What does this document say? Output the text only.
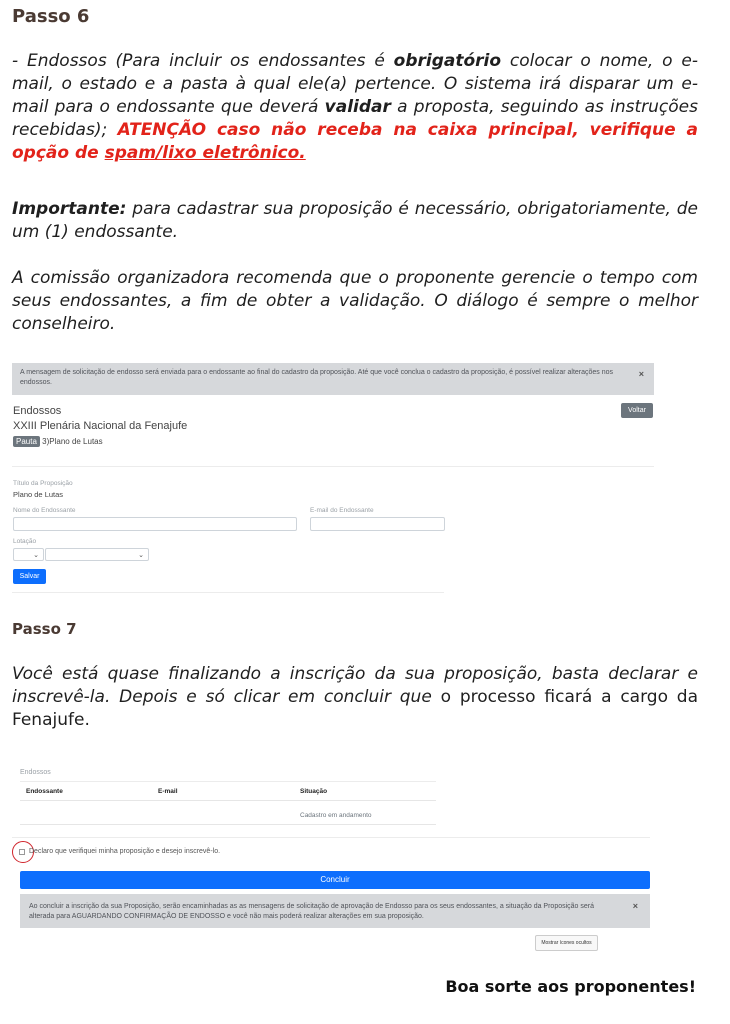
Passo 6

- Endossos (Para incluir os endossantes é obrigatório colocar o nome, o e-mail, o estado e a pasta à qual ele(a) pertence. O sistema irá disparar um e-mail para o endossante que deverá validar a proposta, seguindo as instruções recebidas); ATENÇÃO caso não receba na caixa principal, verifique a opção de spam/lixo eletrônico.

Importante: para cadastrar sua proposição é necessário, obrigatoriamente, de um (1) endossante.

A comissão organizadora recomenda que o proponente gerencie o tempo com seus endossantes, a fim de obter a validação. O diálogo é sempre o melhor conselheiro.

A mensagem de solicitação de endosso será enviada para o endossante ao final do cadastro da proposição. Até que você conclua o cadastro da proposição, é possível realizar alterações nos endossos.
×
Endossos
XXIII Plenária Nacional da Fenajufe
Pauta 3)Plano de Lutas
Voltar
Título da Proposição
Plano de Lutas
Nome do Endossante	E-mail do Endossante
Lotação
⌄	⌄
Salvar
Passo 7

Você está quase finalizando a inscrição da sua proposição, basta declarar e inscrevê-la. Depois e só clicar em concluir que o processo ficará a cargo da Fenajufe.

Endossos
Endossante	E-mail	Situação
		Cadastro em andamento
Declaro que verifiquei minha proposição e desejo inscrevê-lo.
Concluir
Ao concluir a inscrição da sua Proposição, serão encaminhadas as as mensagens de solicitação de aprovação de Endosso para os seus endossantes, a situação da Proposição será alterada para AGUARDANDO CONFIRMAÇÃO DE ENDOSSO e você não mais poderá realizar alterações em sua proposição.
×
Mostrar ícones ocultos
Boa sorte aos proponentes!
